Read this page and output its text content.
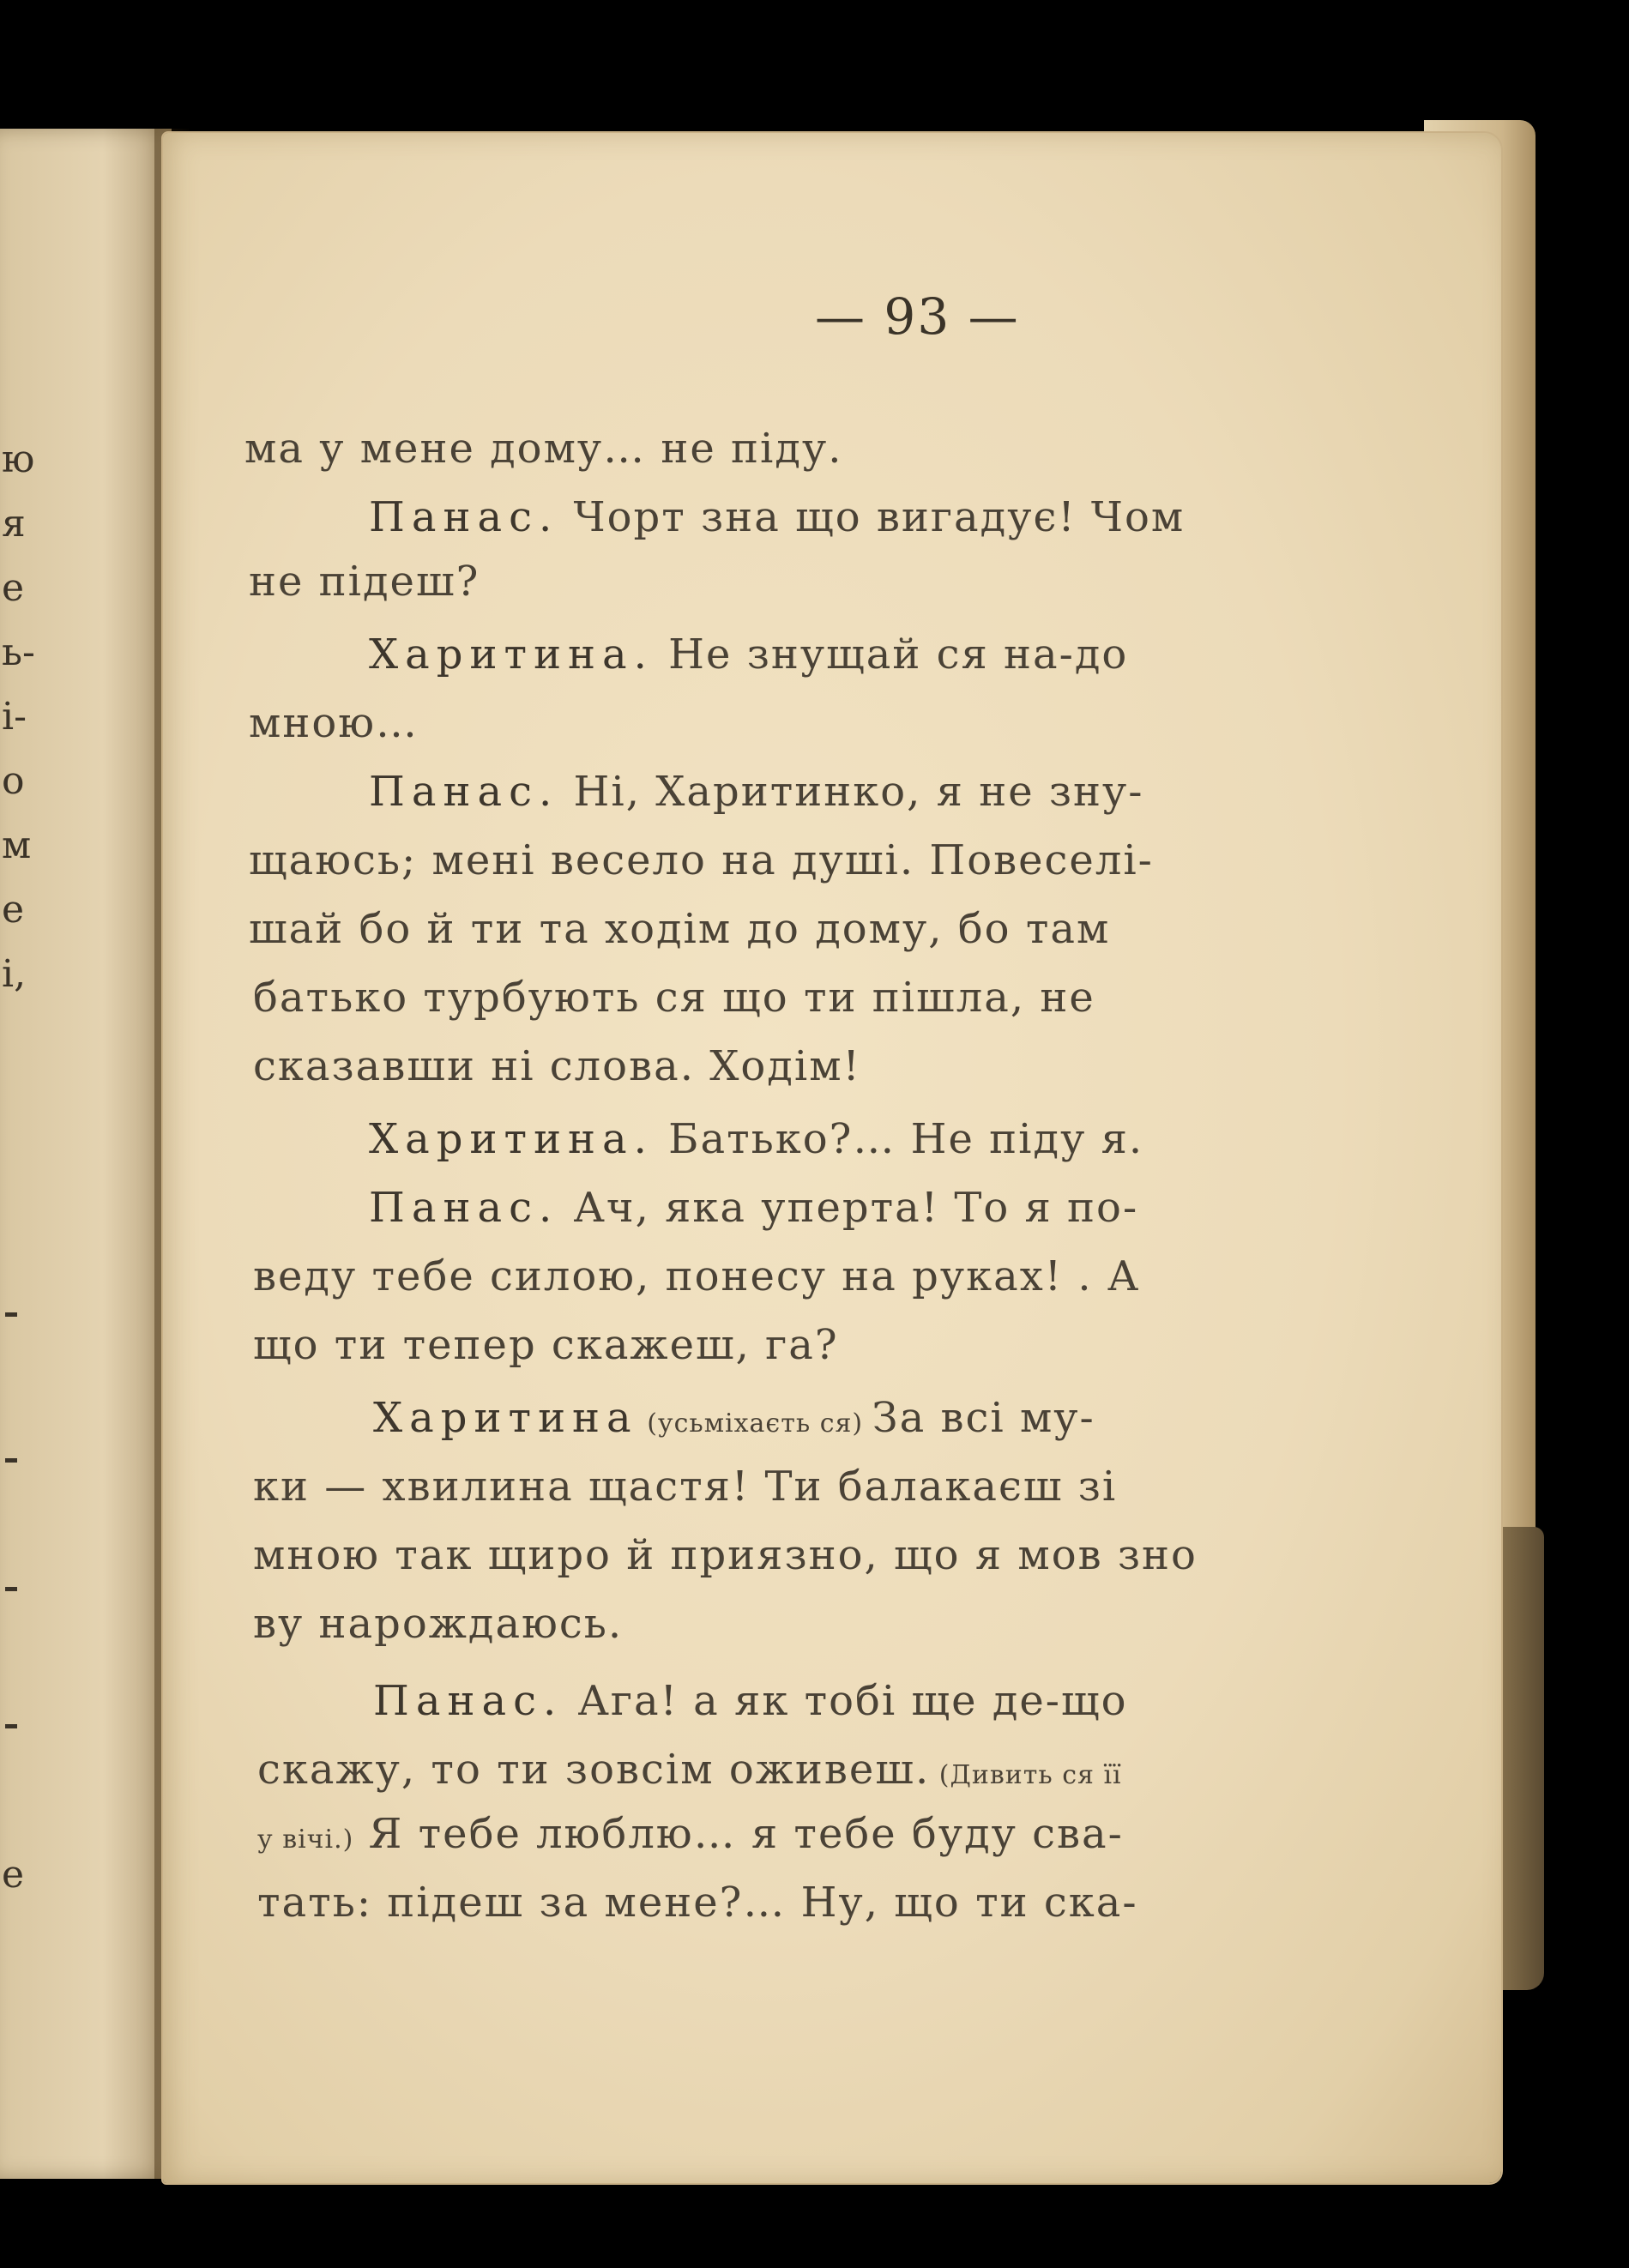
— 93 —
ма у мене дому… не піду.
Панас. Чорт зна що вигадує! Чом
не підеш?
Харитина. Не знущай ся на-до
мною…
Панас. Ні, Харитинко, я не зну-
щаюсь; мені весело на душі. Повеселі-
шай бо й ти та ходім до дому, бо там
батько турбують ся що ти пішла, не
сказавши ні слова. Ходім!
Харитина. Батько?… Не піду я.
Панас. Ач, яка уперта! То я по-
веду тебе силою, понесу на руках! . А
що ти тепер скажеш, га?
Харитина (усьміхаєть ся) За всі му-
ки — хвилина щастя! Ти балакаєш зі
мною так щиро й приязно, що я мов зно
ву нарождаюсь.
Панас. Ага! а як тобі ще де-що
скажу, то ти зовсім оживеш. (Дивить ся її
у вічі.) Я тебе люблю… я тебе буду сва-
тать: підеш за мене?… Ну, що ти ска-
ю
я
е
ь-
і-
о
м
е
і,
е
